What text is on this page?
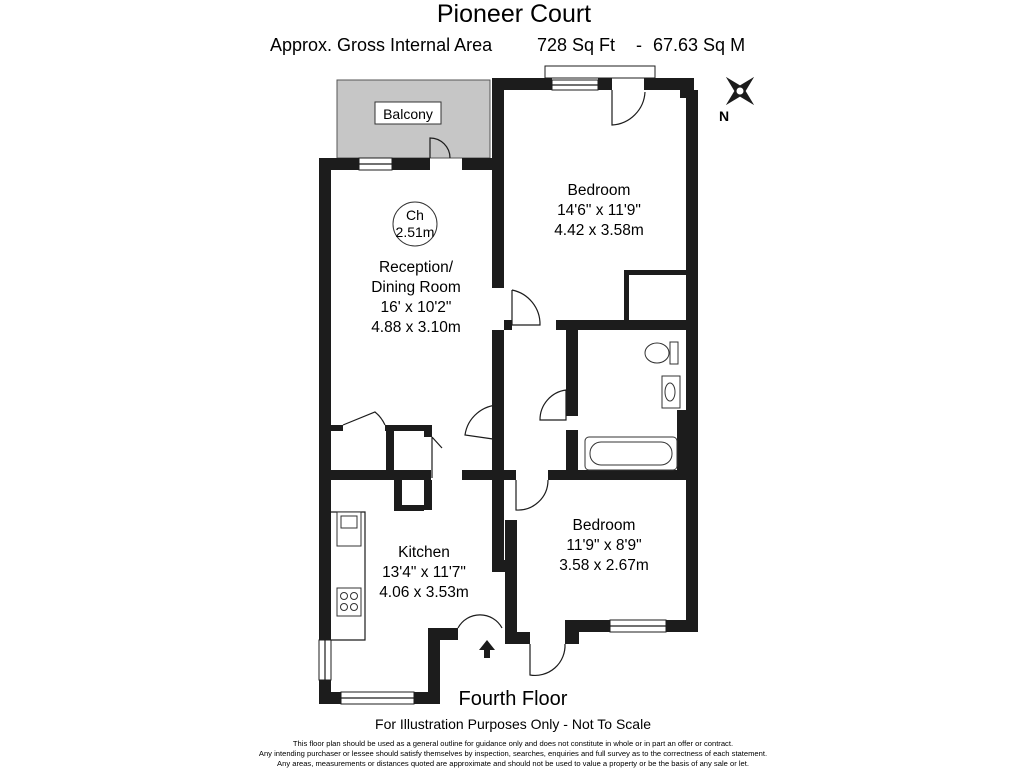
Pioneer Court
Approx. Gross Internal Area 728 Sq Ft - 67.63 Sq M
N
Balcony
Ch
2.51m
Reception/
Dining Room
16' x 10'2"
4.88 x 3.10m
Bedroom
14'6" x 11'9"
4.42 x 3.58m
Bedroom
11'9" x 8'9"
3.58 x 2.67m
Kitchen
13'4" x 11'7"
4.06 x 3.53m
Fourth Floor
For Illustration Purposes Only - Not To Scale
This floor plan should be used as a general outline for guidance only and does not constitute in whole or in part an offer or contract.
Any intending purchaser or lessee should satisfy themselves by inspection, searches, enquiries and full survey as to the correctness of each statement.
Any areas, measurements or distances quoted are approximate and should not be used to value a property or be the basis of any sale or let.
